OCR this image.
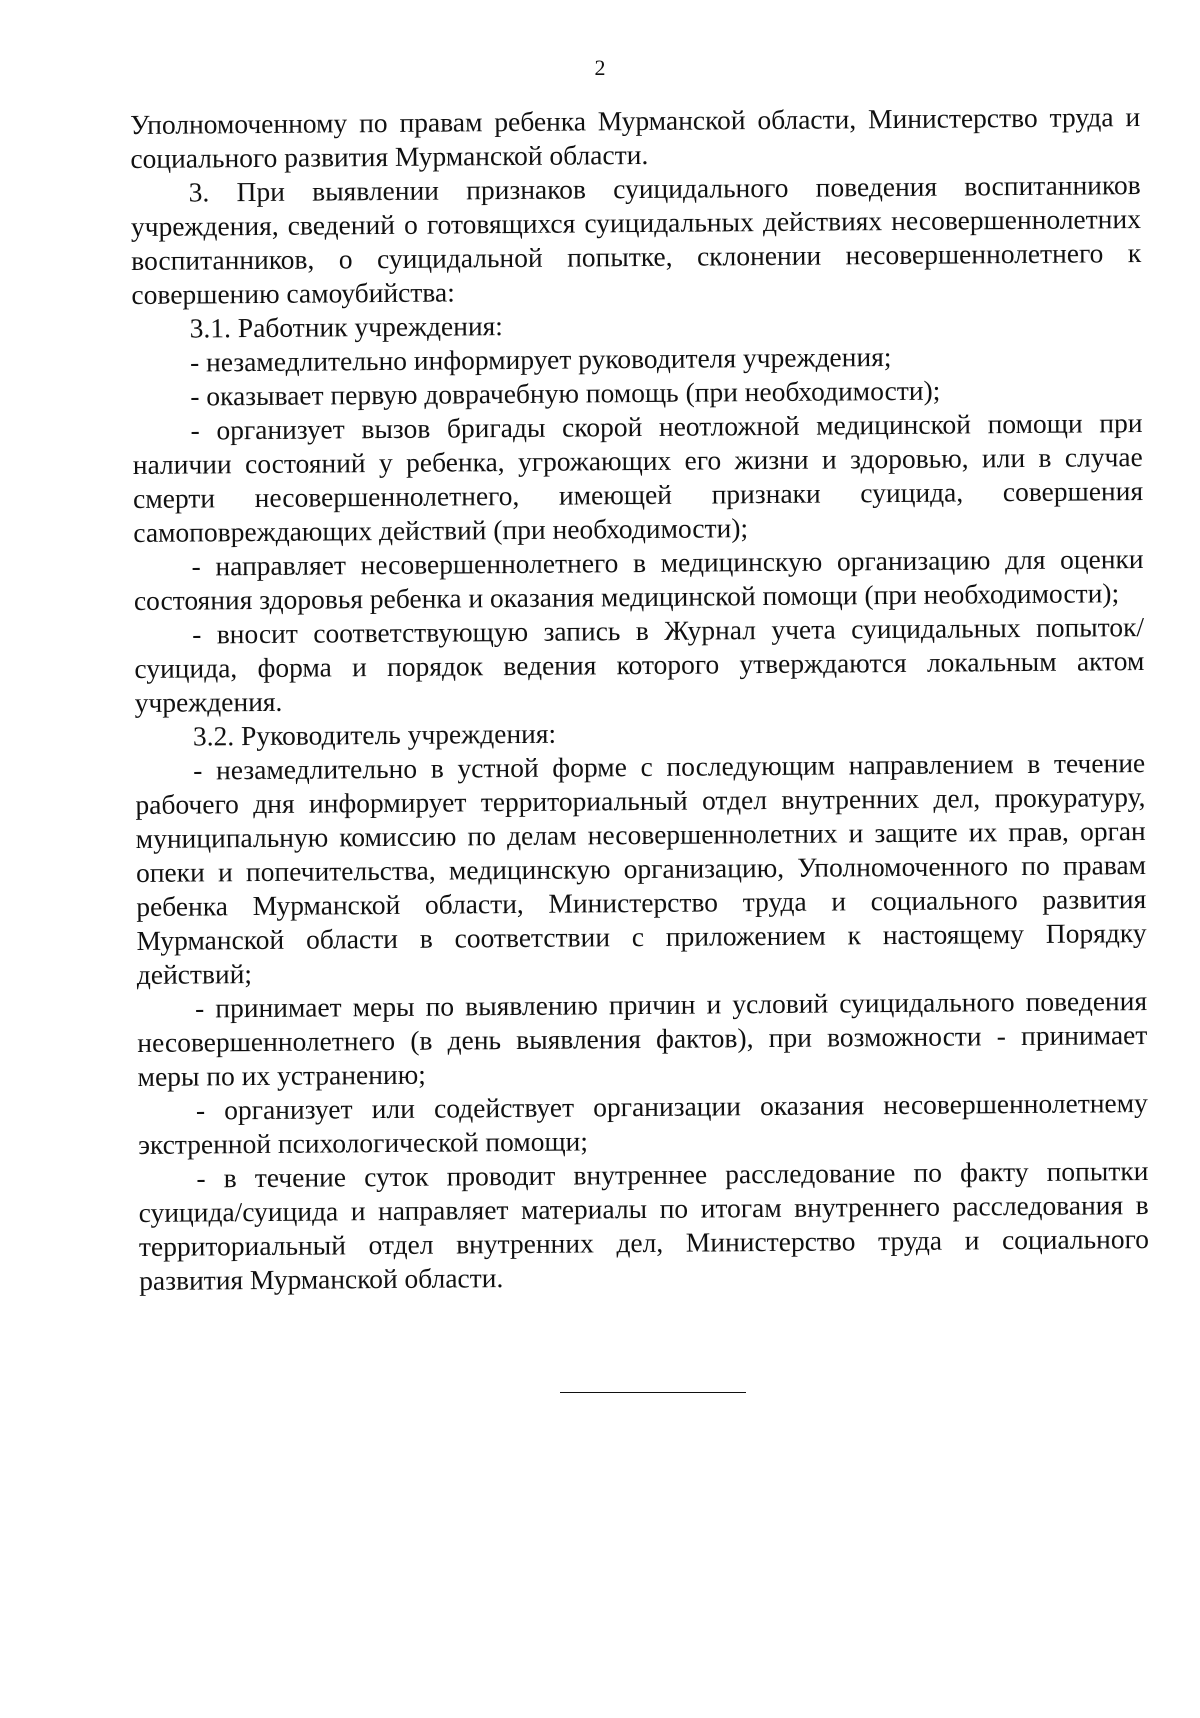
2

Уполномоченному по правам ребенка Мурманской области, Министерство труда и социального развития Мурманской области.

3. При выявлении признаков суицидального поведения воспитанников учреждения, сведений о готовящихся суицидальных действиях несовершеннолетних воспитанников, о суицидальной попытке, склонении несовершеннолетнего к совершению самоубийства:

3.1. Работник учреждения:

- незамедлительно информирует руководителя учреждения;

- оказывает первую доврачебную помощь (при необходимости);

- организует вызов бригады скорой неотложной медицинской помощи при наличии состояний у ребенка, угрожающих его жизни и здоровью, или в случае смерти несовершеннолетнего, имеющей признаки суицида, совершения самоповреждающих действий (при необходимости);

- направляет несовершеннолетнего в медицинскую организацию для оценки состояния здоровья ребенка и оказания медицинской помощи (при необходимости);

- вносит соответствующую запись в Журнал учета суицидальных попыток/суицида, форма и порядок ведения которого утверждаются локальным актом учреждения.

3.2. Руководитель учреждения:

- незамедлительно в устной форме с последующим направлением в течение рабочего дня информирует территориальный отдел внутренних дел, прокуратуру, муниципальную комиссию по делам несовершеннолетних и защите их прав, орган опеки и попечительства, медицинскую организацию, Уполномоченного по правам ребенка Мурманской области, Министерство труда и социального развития Мурманской области в соответствии с приложением к настоящему Порядку действий;

- принимает меры по выявлению причин и условий суицидального поведения несовершеннолетнего (в день выявления фактов), при возможности - принимает меры по их устранению;

- организует или содействует организации оказания несовершеннолетнему экстренной психологической помощи;

- в течение суток проводит внутреннее расследование по факту попытки суицида/суицида и направляет материалы по итогам внутреннего расследования в территориальный отдел внутренних дел, Министерство труда и социального развития Мурманской области.
